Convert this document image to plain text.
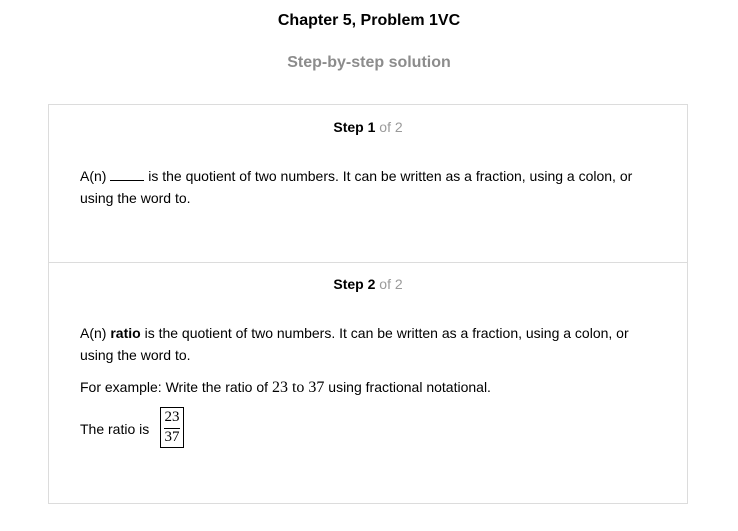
Chapter 5, Problem 1VC
Step-by-step solution
Step 1 of 2
A(n)  is the quotient of two numbers. It can be written as a fraction, using a colon, or using the word to.
Step 2 of 2
A(n) ratio is the quotient of two numbers. It can be written as a fraction, using a colon, or using the word to.
For example: Write the ratio of 23 to 37 using fractional notational.
The ratio is
23
37
